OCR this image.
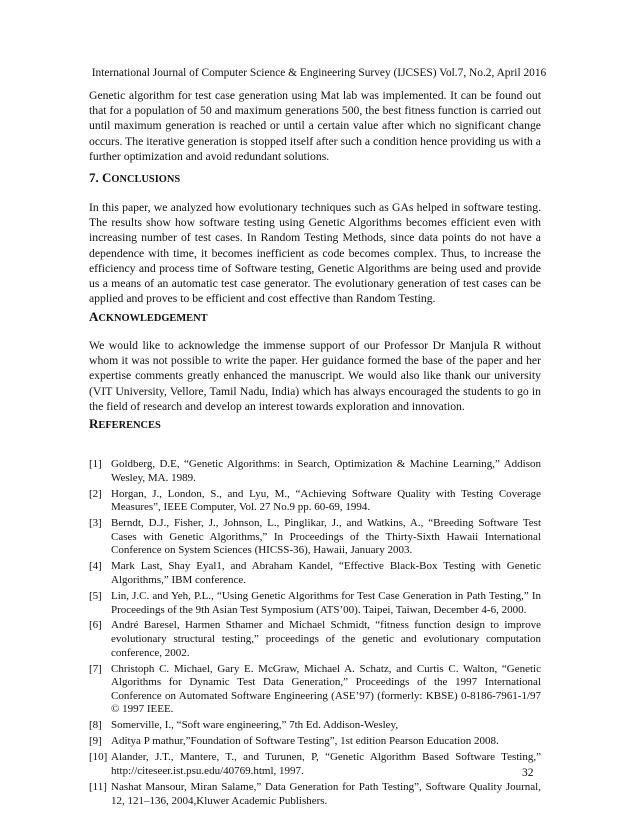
International Journal of Computer Science & Engineering Survey (IJCSES) Vol.7, No.2, April 2016

Genetic algorithm for test case generation using Mat lab was implemented. It can be found out that for a population of 50 and maximum generations 500, the best fitness function is carried out until maximum generation is reached or until a certain value after which no significant change occurs. The iterative generation is stopped itself after such a condition hence providing us with a further optimization and avoid redundant solutions.

7. CONCLUSIONS

In this paper, we analyzed how evolutionary techniques such as GAs helped in software testing. The results show how software testing using Genetic Algorithms becomes efficient even with increasing number of test cases. In Random Testing Methods, since data points do not have a dependence with time, it becomes inefficient as code becomes complex. Thus, to increase the efficiency and process time of Software testing, Genetic Algorithms are being used and provide us a means of an automatic test case generator. The evolutionary generation of test cases can be applied and proves to be efficient and cost effective than Random Testing.

ACKNOWLEDGEMENT

We would like to acknowledge the immense support of our Professor Dr Manjula R without whom it was not possible to write the paper. Her guidance formed the base of the paper and her expertise comments greatly enhanced the manuscript. We would also like thank our university (VIT University, Vellore, Tamil Nadu, India) which has always encouraged the students to go in the field of research and develop an interest towards exploration and innovation.

REFERENCES
[1] Goldberg, D.E, “Genetic Algorithms: in Search, Optimization & Machine Learning,” Addison Wesley, MA. 1989.
[2] Horgan, J., London, S., and Lyu, M., “Achieving Software Quality with Testing Coverage Measures”, IEEE Computer, Vol. 27 No.9 pp. 60-69, 1994.
[3] Berndt, D.J., Fisher, J., Johnson, L., Pinglikar, J., and Watkins, A., “Breeding Software Test Cases with Genetic Algorithms,” In Proceedings of the Thirty-Sixth Hawaii International Conference on System Sciences (HICSS-36), Hawaii, January 2003.
[4] Mark Last, Shay Eyal1, and Abraham Kandel, “Effective Black-Box Testing with Genetic Algorithms,” IBM conference.
[5] Lin, J.C. and Yeh, P.L., “Using Genetic Algorithms for Test Case Generation in Path Testing,” In Proceedings of the 9th Asian Test Symposium (ATS’00). Taipei, Taiwan, December 4-6, 2000.
[6] André Baresel, Harmen Sthamer and Michael Schmidt, “fitness function design to improve evolutionary structural testing,” proceedings of the genetic and evolutionary computation conference, 2002.
[7] Christoph C. Michael, Gary E. McGraw, Michael A. Schatz, and Curtis C. Walton, “Genetic Algorithms for Dynamic Test Data Generation,” Proceedings of the 1997 International Conference on Automated Software Engineering (ASE’97) (formerly: KBSE) 0-8186-7961-1/97 © 1997 IEEE.
[8] Somerville, I., “Soft ware engineering,” 7th Ed. Addison-Wesley,
[9] Aditya P mathur,”Foundation of Software Testing”, 1st edition Pearson Education 2008.
[10] Alander, J.T., Mantere, T., and Turunen, P, “Genetic Algorithm Based Software Testing,” http://citeseer.ist.psu.edu/40769.html, 1997.
[11] Nashat Mansour, Miran Salame,” Data Generation for Path Testing”, Software Quality Journal, 12, 121–136, 2004,Kluwer Academic Publishers.
32
